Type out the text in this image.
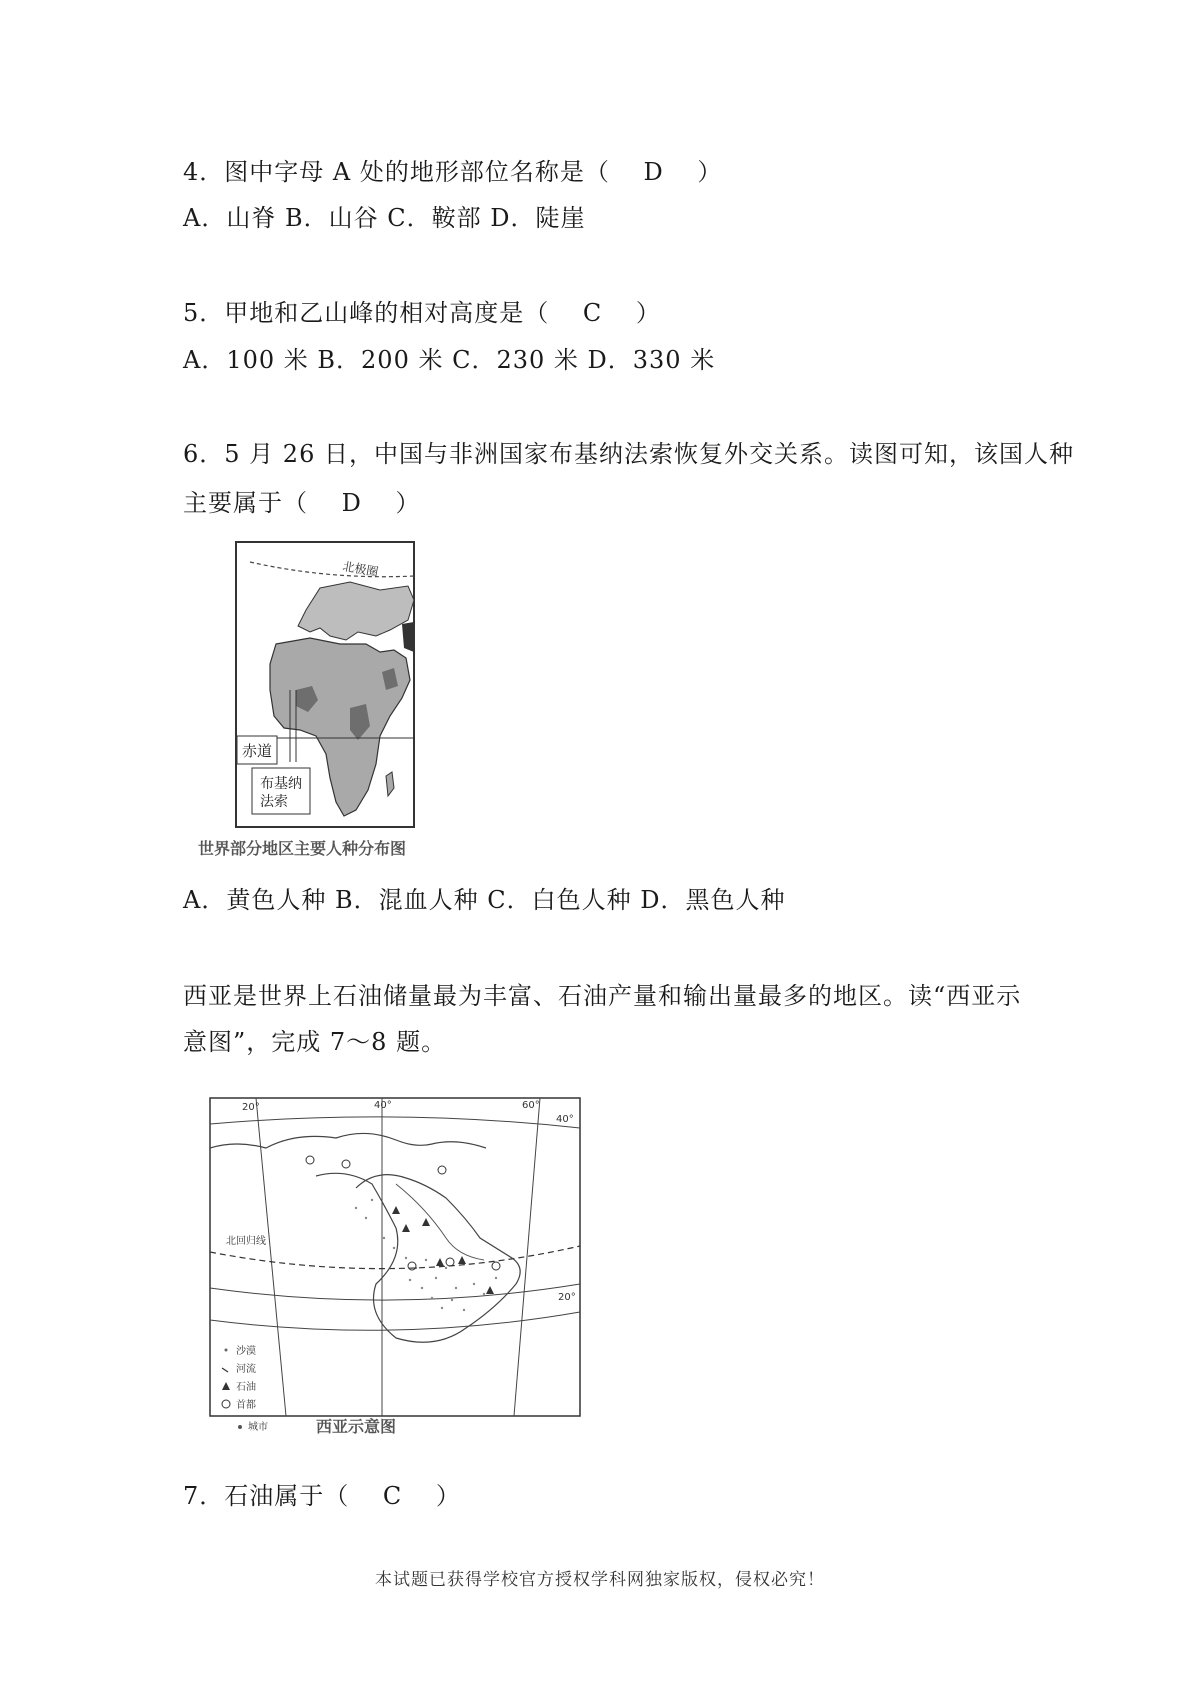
4．图中字母 A 处的地形部位名称是（　 D　 ）
A．山脊 B．山谷 C．鞍部 D．陡崖
5．甲地和乙山峰的相对高度是（　 C　 ）
A．100 米 B．200 米 C．230 米 D．330 米
6．5 月 26 日，中国与非洲国家布基纳法索恢复外交关系。读图可知，该国人种
主要属于（　 D　 ）
北极圈
赤道
布基纳
法索
世界部分地区主要人种分布图
A．黄色人种 B．混血人种 C．白色人种 D．黑色人种
西亚是世界上石油储量最为丰富、石油产量和输出量最多的地区。读“西亚示
意图”，完成 7～8 题。
北回归线
20°	40°	60°
40°
20°
沙漠
河流
石油
首都
西亚示意图
城市
7．石油属于（　 C　 ）
本试题已获得学校官方授权学科网独家版权，侵权必究！
